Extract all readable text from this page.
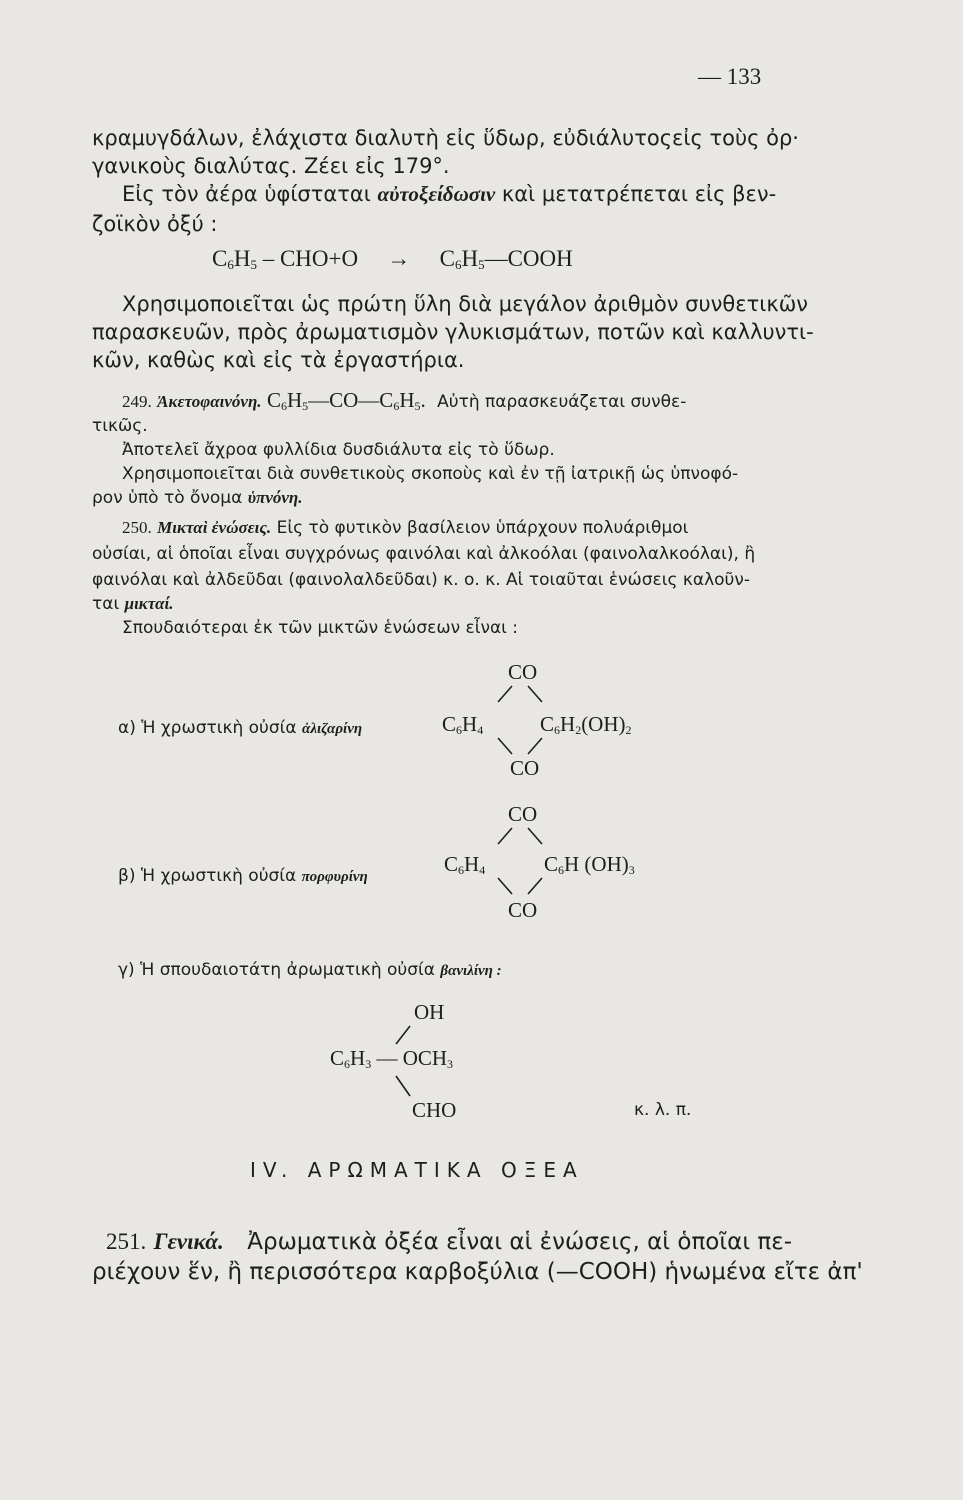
— 133
κραμυγδάλων, ἐλάχιστα διαλυτὴ εἰς ὕδωρ, εὐδιάλυτος εἰς τοὺς ὀρ·
γανικοὺς διαλύτας. Ζέει εἰς 179°.
Εἰς τὸν ἀέρα ὑφίσταται αὐτοξείδωσιν καὶ μετατρέπεται εἰς βεν-
ζοϊκὸν ὀξύ :
$C_6H_5 - CHO+O$ → $C_6H_5—COOH$
Χρησιμοποιεῖται ὡς πρώτη ὕλη διὰ μεγάλον ἀριθμὸν συνθετικῶν
παρασκευῶν, πρὸς ἀρωματισμὸν γλυκισμάτων, ποτῶν καὶ καλλυντι-
κῶν, καθὼς καὶ εἰς τὰ ἐργαστήρια.
249. Ἀκετοφαινόνη. $C_6H_5—CO—C_6H_5$. Αὐτὴ παρασκευάζεται συνθε-
τικῶς.
Ἀποτελεῖ ἄχροα φυλλίδια δυσδιάλυτα εἰς τὸ ὕδωρ.
Χρησιμοποιεῖται διὰ συνθετικοὺς σκοποὺς καὶ ἐν τῇ ἰατρικῇ ὡς ὑπνοφό-
ρον ὑπὸ τὸ ὄνομα ὑπνόνη.
250. Μικταὶ ἐνώσεις. Εἰς τὸ φυτικὸν βασίλειον ὑπάρχουν πολυάριθμοι
οὐσίαι, αἱ ὁποῖαι εἶναι συγχρόνως φαινόλαι καὶ ἀλκοόλαι (φαινολαλκοόλαι), ἢ
φαινόλαι καὶ ἀλδεῦδαι (φαινολαλδεῦδαι) κ. ο. κ. Αἱ τοιαῦται ἑνώσεις καλοῦν-
ται μικταί.
Σπουδαιότεραι ἐκ τῶν μικτῶν ἑνώσεων εἶναι :
CO
α) Ἡ χρωστικὴ οὐσία ἀλιζαρίνη	$C_6H_4$	$C_6H_2(OH)_2$
CO
CO
β) Ἡ χρωστικὴ οὐσία πορφυρίνη
$C_6H_4$	$C_6H$ $(OH)_3$
CO
γ) Ἡ σπουδαιοτάτη ἀρωματικὴ οὐσία βανιλίνη :
OH
$C_6H_3$ — $OCH_3$
CHO	κ. λ. π.
IV. ΑΡΩΜΑΤΙΚΑ ΟΞΕΑ
251. Γενικά. Ἀρωματικὰ ὀξέα εἶναι αἱ ἐνώσεις, αἱ ὁποῖαι πε-
ριέχουν ἕν, ἢ περισσότερα καρβοξύλια (—COOH) ἡνωμένα εἴτε ἀπ'
